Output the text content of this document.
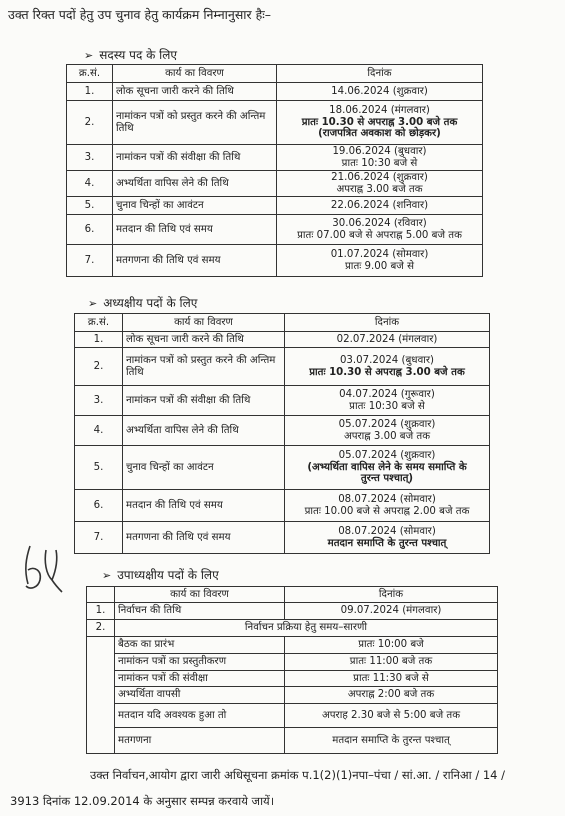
उक्त रिक्त पदों हेतु उप चुनाव हेतु कार्यक्रम निम्नानुसार हैः–
➢ सदस्य पद के लिए
क्र.सं.	कार्य का विवरण	दिनांक
1.	लोक सूचना जारी करने की तिथि	14.06.2024 (शुक्रवार)

2.	नामांकन पत्रों को प्रस्तुत करने की अन्तिम तिथि	18.06.2024 (मंगलवार)
प्रातः 10.30 से अपराह्न 3.00 बजे तक
(राजपत्रित अवकाश को छोड़कर)

3.	नामांकन पत्रों की संवीक्षा की तिथि	19.06.2024 (बुधवार)
प्रातः 10:30 बजे से

4.	अभ्यर्थिता वापिस लेने की तिथि	21.06.2024 (शुक्रवार)
अपराह्न 3.00 बजे तक

5.	चुनाव चिन्हों का आवंटन	22.06.2024 (शनिवार)

6.	मतदान की तिथि एवं समय	30.06.2024 (रविवार)
प्रातः 07.00 बजे से अपराह्न 5.00 बजे तक

7.	मतगणना की तिथि एवं समय	01.07.2024 (सोमवार)
प्रातः 9.00 बजे से
➢ अध्यक्षीय पदों के लिए
क्र.सं.	कार्य का विवरण	दिनांक
1.	लोक सूचना जारी करने की तिथि	02.07.2024 (मंगलवार)

2.	नामांकन पत्रों को प्रस्तुत करने की अन्तिम तिथि	03.07.2024 (बुधवार)
प्रातः 10.30 से अपराह्न 3.00 बजे तक

3.	नामांकन पत्रों की संवीक्षा की तिथि	04.07.2024 (गुरूवार)
प्रातः 10:30 बजे से

4.	अभ्यर्थिता वापिस लेने की तिथि	05.07.2024 (शुक्रवार)
अपराह्न 3.00 बजे तक

5.	चुनाव चिन्हों का आवंटन	05.07.2024 (शुक्रवार)
(अभ्यर्थिता वापिस लेने के समय समाप्ति के
तुरन्त पश्चात्)

6.	मतदान की तिथि एवं समय	08.07.2024 (सोमवार)
प्रातः 10.00 बजे से अपराह्न 2.00 बजे तक

7.	मतगणना की तिथि एवं समय	08.07.2024 (सोमवार)
मतदान समाप्ति के तुरन्त पश्चात्
➢ उपाध्यक्षीय पदों के लिए
	कार्य का विवरण	दिनांक
1.	निर्वाचन की तिथि	09.07.2024 (मंगलवार)
2.	निर्वाचन प्रक्रिया हेतु समय–सारणी	
	बैठक का प्रारंभ	प्रातः 10:00 बजे
	नामांकन पत्रों का प्रस्तुतीकरण	प्रातः 11:00 बजे तक
	नामांकन पत्रों की संवीक्षा	प्रातः 11:30 बजे से
	अभ्यर्थिता वापसी	अपराह्न 2:00 बजे तक
	मतदान यदि अवश्यक हुआ तो	अपराह 2.30 बजे से 5:00 बजे तक
	मतगणना	मतदान समाप्ति के तुरन्त पश्चात्
उक्त निर्वाचन,आयोग द्वारा जारी अधिसूचना क्रमांक प.1(2)(1)नपा–पंचा / सां.आ. / रानिआ / 14 /
3913 दिनांक 12.09.2014 के अनुसार सम्पन्न करवाये जायें।
